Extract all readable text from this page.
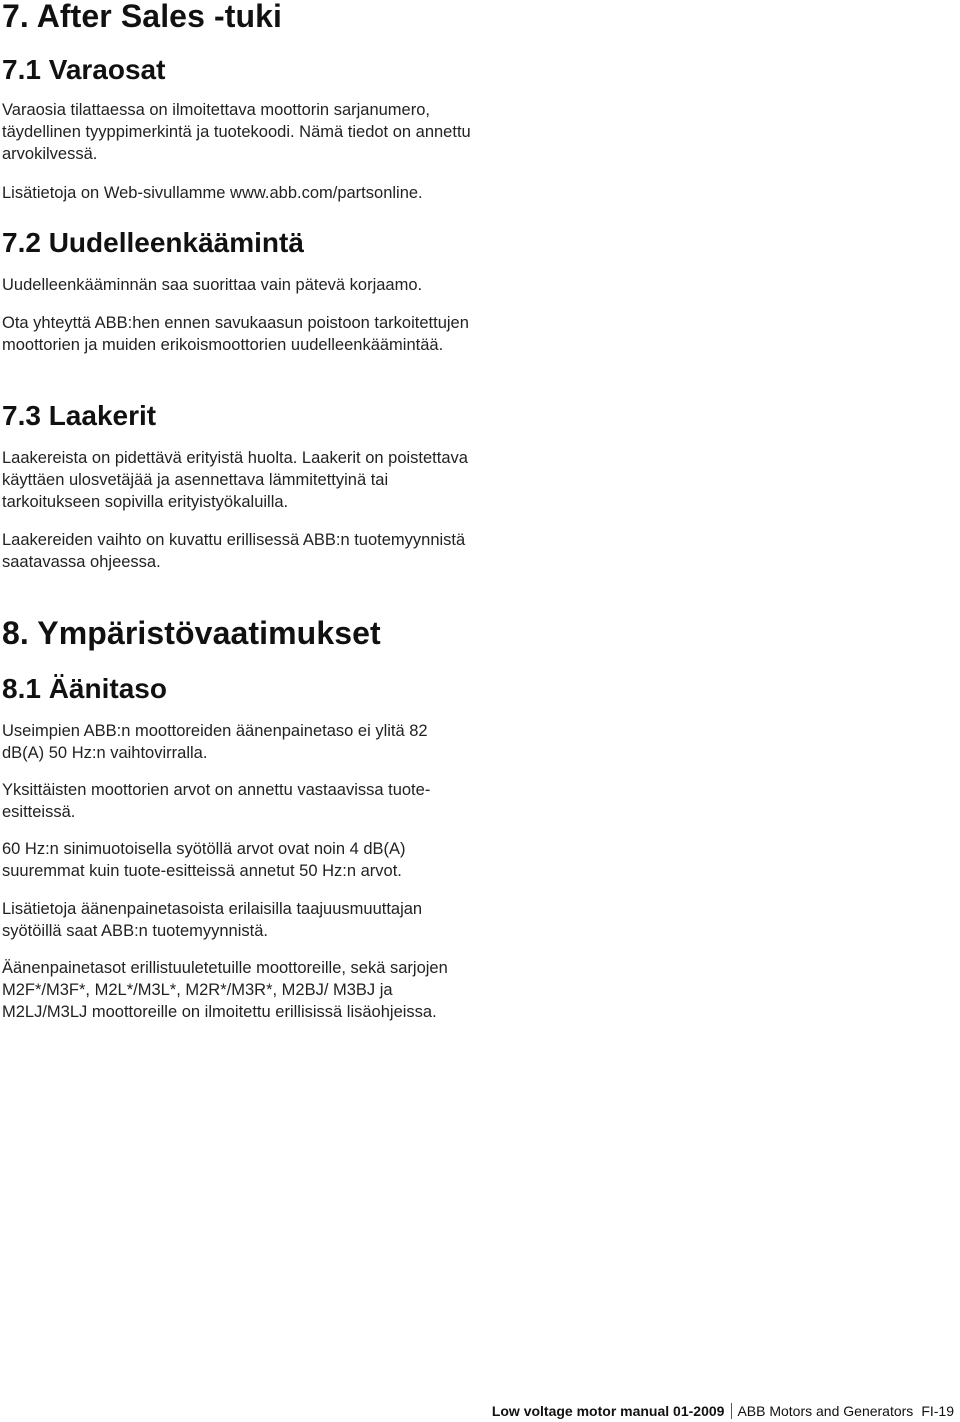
7. After Sales -tuki
7.1 Varaosat

Varaosia tilattaessa on ilmoitettava moottorin sarjanumero, täydellinen tyyppimerkintä ja tuotekoodi. Nämä tiedot on annettu arvokilvessä.

Lisätietoja on Web-sivullamme www.abb.com/partsonline.

7.2 Uudelleenkäämintä

Uudelleenkääminnän saa suorittaa vain pätevä korjaamo.

Ota yhteyttä ABB:hen ennen savukaasun poistoon tarkoitettujen moottorien ja muiden erikoismoottorien uudelleenkäämintää.

7.3 Laakerit

Laakereista on pidettävä erityistä huolta. Laakerit on poistettava käyttäen ulosvetäjää ja asennettava lämmitettyinä tai tarkoitukseen sopivilla erityistyökaluilla.

Laakereiden vaihto on kuvattu erillisessä ABB:n tuotemyynnistä saatavassa ohjeessa.

8. Ympäristövaatimukset
8.1 Äänitaso

Useimpien ABB:n moottoreiden äänenpainetaso ei ylitä 82 dB(A) 50 Hz:n vaihtovirralla.

Yksittäisten moottorien arvot on annettu vastaavissa tuote-esitteissä.

60 Hz:n sinimuotoisella syötöllä arvot ovat noin 4 dB(A) suuremmat kuin tuote-esitteissä annetut 50 Hz:n arvot.

Lisätietoja äänenpainetasoista erilaisilla taajuusmuuttajan syötöillä saat ABB:n tuotemyynnistä.

Äänenpainetasot erillistuuletetuille moottoreille, sekä sarjojen M2F*/M3F*, M2L*/M3L*, M2R*/M3R*, M2BJ/ M3BJ ja M2LJ/M3LJ moottoreille on ilmoitettu erillisissä lisäohjeissa.

Low voltage motor manual 01-2009 ABB Motors and Generators FI-19
